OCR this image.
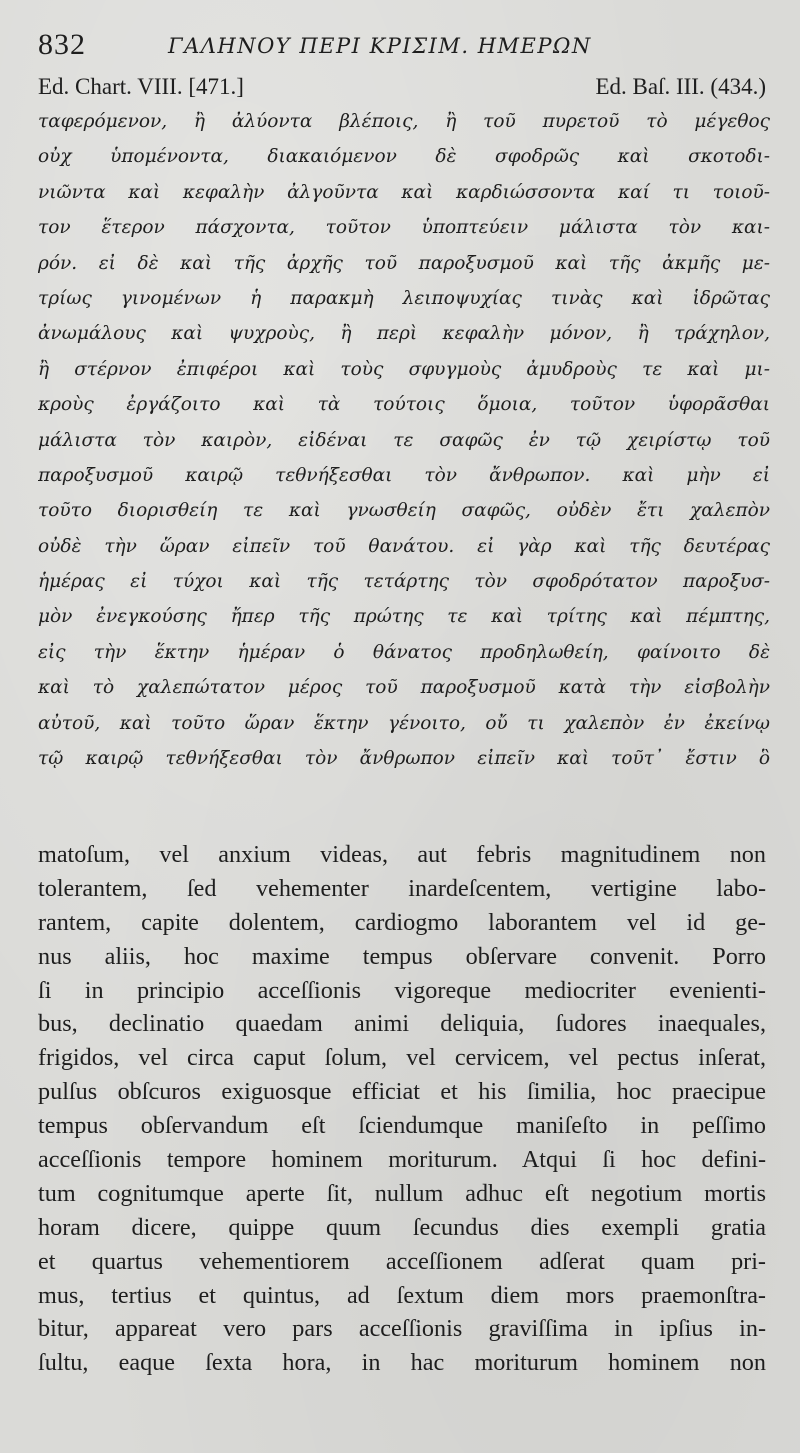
832	ΓΑΛΗΝΟΥ ΠΕΡΙ ΚΡΙΣΙΜ. ΗΜΕΡΩΝ
Ed. Chart. VIII. [471.]	Ed. Baſ. III. (434.)
ταφερόμενον, ἢ ἀλύοντα βλέποις, ἢ τοῦ πυρετοῦ τὸ μέγεθος
οὐχ ὑπομένοντα, διακαιόμενον δὲ σφοδρῶς καὶ σκοτοδι-
νιῶντα καὶ κεφαλὴν ἀλγοῦντα καὶ καρδιώσσοντα καί τι τοιοῦ-
τον ἕτερον πάσχοντα, τοῦτον ὑποπτεύειν μάλιστα τὸν και-
ρόν. εἰ δὲ καὶ τῆς ἀρχῆς τοῦ παροξυσμοῦ καὶ τῆς ἀκμῆς με-
τρίως γινομένων ἡ παρακμὴ λειποψυχίας τινὰς καὶ ἱδρῶτας
ἀνωμάλους καὶ ψυχροὺς, ἢ περὶ κεφαλὴν μόνον, ἢ τράχηλον,
ἢ στέρνον ἐπιφέροι καὶ τοὺς σφυγμοὺς ἀμυδροὺς τε καὶ μι-
κροὺς ἐργάζοιτο καὶ τὰ τούτοις ὅμοια, τοῦτον ὑφορᾶσθαι
μάλιστα τὸν καιρὸν, εἰδέναι τε σαφῶς ἐν τῷ χειρίστῳ τοῦ
παροξυσμοῦ καιρῷ τεθνήξεσθαι τὸν ἄνθρωπον. καὶ μὴν εἰ
τοῦτο διορισθείη τε καὶ γνωσθείη σαφῶς, οὐδὲν ἔτι χαλεπὸν
οὐδὲ τὴν ὥραν εἰπεῖν τοῦ θανάτου. εἰ γὰρ καὶ τῆς δευτέρας
ἡμέρας εἰ τύχοι καὶ τῆς τετάρτης τὸν σφοδρότατον παροξυσ-
μὸν ἐνεγκούσης ἤπερ τῆς πρώτης τε καὶ τρίτης καὶ πέμπτης,
εἰς τὴν ἕκτην ἡμέραν ὁ θάνατος προδηλωθείη, φαίνοιτο δὲ
καὶ τὸ χαλεπώτατον μέρος τοῦ παροξυσμοῦ κατὰ τὴν εἰσβολὴν
αὐτοῦ, καὶ τοῦτο ὥραν ἕκτην γένοιτο, οὔ τι χαλεπὸν ἐν ἐκείνῳ
τῷ καιρῷ τεθνήξεσθαι τὸν ἄνθρωπον εἰπεῖν καὶ τοῦτ᾽ ἔστιν ὃ
matoſum, vel anxium videas, aut febris magnitudinem non
tolerantem, ſed vehementer inardeſcentem, vertigine labo-
rantem, capite dolentem, cardiogmo laborantem vel id ge-
nus aliis, hoc maxime tempus obſervare convenit. Porro
ſi in principio acceſſionis vigoreque mediocriter evenienti-
bus, declinatio quaedam animi deliquia, ſudores inaequales,
frigidos, vel circa caput ſolum, vel cervicem, vel pectus inſerat,
pulſus obſcuros exiguosque efficiat et his ſimilia, hoc praecipue
tempus obſervandum eſt ſciendumque maniſeſto in peſſimo
acceſſionis tempore hominem moriturum. Atqui ſi hoc defini-
tum cognitumque aperte ſit, nullum adhuc eſt negotium mortis
horam dicere, quippe quum ſecundus dies exempli gratia
et quartus vehementiorem acceſſionem adſerat quam pri-
mus, tertius et quintus, ad ſextum diem mors praemonſtra-
bitur, appareat vero pars acceſſionis graviſſima in ipſius in-
ſultu, eaque ſexta hora, in hac moriturum hominem non
